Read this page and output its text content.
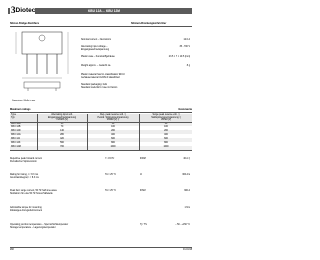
3 Diotec	KBU 12A ... KBU 12M
Silicon-Bridge-Rectifiers	Silizium-Brückengleichrichter
Dimensions / Maße in mm
Nominal current – Nennstrom	12.0 A
Alternating input voltage –
Eingangswechselspannung
35...700 V
Plastic case – Kunststoffgehäuse	23.5 × 7 × 19.5 [mm]
Weight approx. – Gewicht ca.	8 g
Plastic material has UL classification 94V-0
Gehäusematerial UL94V-0 klassifiziert
Standard packaging: bulk
Standard Lieferform: lose im Karton
Maximum ratings	Grenzwerte
Type
Typ
Alternating input volt.
Eingangswechselspannung
VVRMS [V]
Rep. peak reverse volt. ¹)
Period. Spitzensperrspannung
VRRM [V] ¹)
Surge peak reverse volt. ¹)
Stoßspitzensperrspannung ¹)
VRSM [V]
KBU 12A	35	50	50
KBU 12B	70	100	100
KBU 12D	140	200	200
KBU 12G	280	400	400
KBU 12J	420	600	600
KBU 12K	560	800	800
KBU 12M	700	1000	1000
Repetitive peak forward current
Periodischer Spitzenstrom
f > 15 Hz	IFRM	40 A ²)
Rating for fusing, t < 8.3 ms
Grenzlastintegral, t < 8.3 ms
TA = 25 °C	i²t	300 A²s
Peak fwd. surge current, 50 Hz half sine-wave
Stoßstrom für eine 50 Hz Sinus-Halbwelle
TA = 25 °C	IFSM	300 A
Admissible torque for mounting
Zulässiges Anzugsdrehmoment
1 Nm
Operating junction temperature – Sperrschichttemperatur
Storage temperature – Lagerungstemperatur
Tj / TS	– 50...+150 °C
282	01.01.98
